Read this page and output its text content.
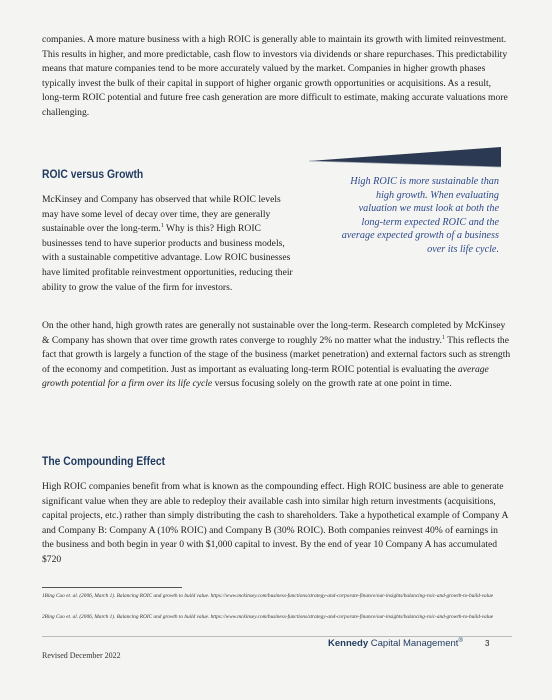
companies. A more mature business with a high ROIC is generally able to maintain its growth with limited reinvestment. This results in higher, and more predictable, cash flow to investors via dividends or share repurchases. This predictability means that mature companies tend to be more accurately valued by the market. Companies in higher growth phases typically invest the bulk of their capital in support of higher organic growth opportunities or acquisitions. As a result, long-term ROIC potential and future free cash generation are more difficult to estimate, making accurate valuations more challenging.

ROIC versus Growth

McKinsey and Company has observed that while ROIC levels may have some level of decay over time, they are generally sustainable over the long-term.$^1$ Why is this? High ROIC businesses tend to have superior products and business models, with a sustainable competitive advantage. Low ROIC businesses have limited profitable reinvestment opportunities, reducing their ability to grow the value of the firm for investors.

High ROIC is more sustainable than high growth. When evaluating valuation we must look at both the long-term expected ROIC and the average expected growth of a business over its life cycle.

On the other hand, high growth rates are generally not sustainable over the long-term. Research completed by McKinsey & Company has shown that over time growth rates converge to roughly 2% no matter what the industry.$^1$ This reflects the fact that growth is largely a function of the stage of the business (market penetration) and external factors such as strength of the economy and competition. Just as important as evaluating long-term ROIC potential is evaluating the average growth potential for a firm over its life cycle versus focusing solely on the growth rate at one point in time.

The Compounding Effect

High ROIC companies benefit from what is known as the compounding effect. High ROIC business are able to generate significant value when they are able to redeploy their available cash into similar high return investments (acquisitions, capital projects, etc.) rather than simply distributing the cash to shareholders. Take a hypothetical example of Company A and Company B: Company A (10% ROIC) and Company B (30% ROIC). Both companies reinvest 40% of earnings in the business and both begin in year 0 with $1,000 capital to invest. By the end of year 10 Company A has accumulated $720

1Bing Cao et. al. (2006, March 1). Balancing ROIC and growth to build value. https://www.mckinsey.com/business-functions/strategy-and-corporate-finance/our-insights/balancing-roic-and-growth-to-build-value

2Bing Cao et. al. (2006, March 1). Balancing ROIC and growth to build value. https://www.mckinsey.com/business-functions/strategy-and-corporate-finance/our-insights/balancing-roic-and-growth-to-build-value

Kennedy Capital Management®	3
Revised December 2022
